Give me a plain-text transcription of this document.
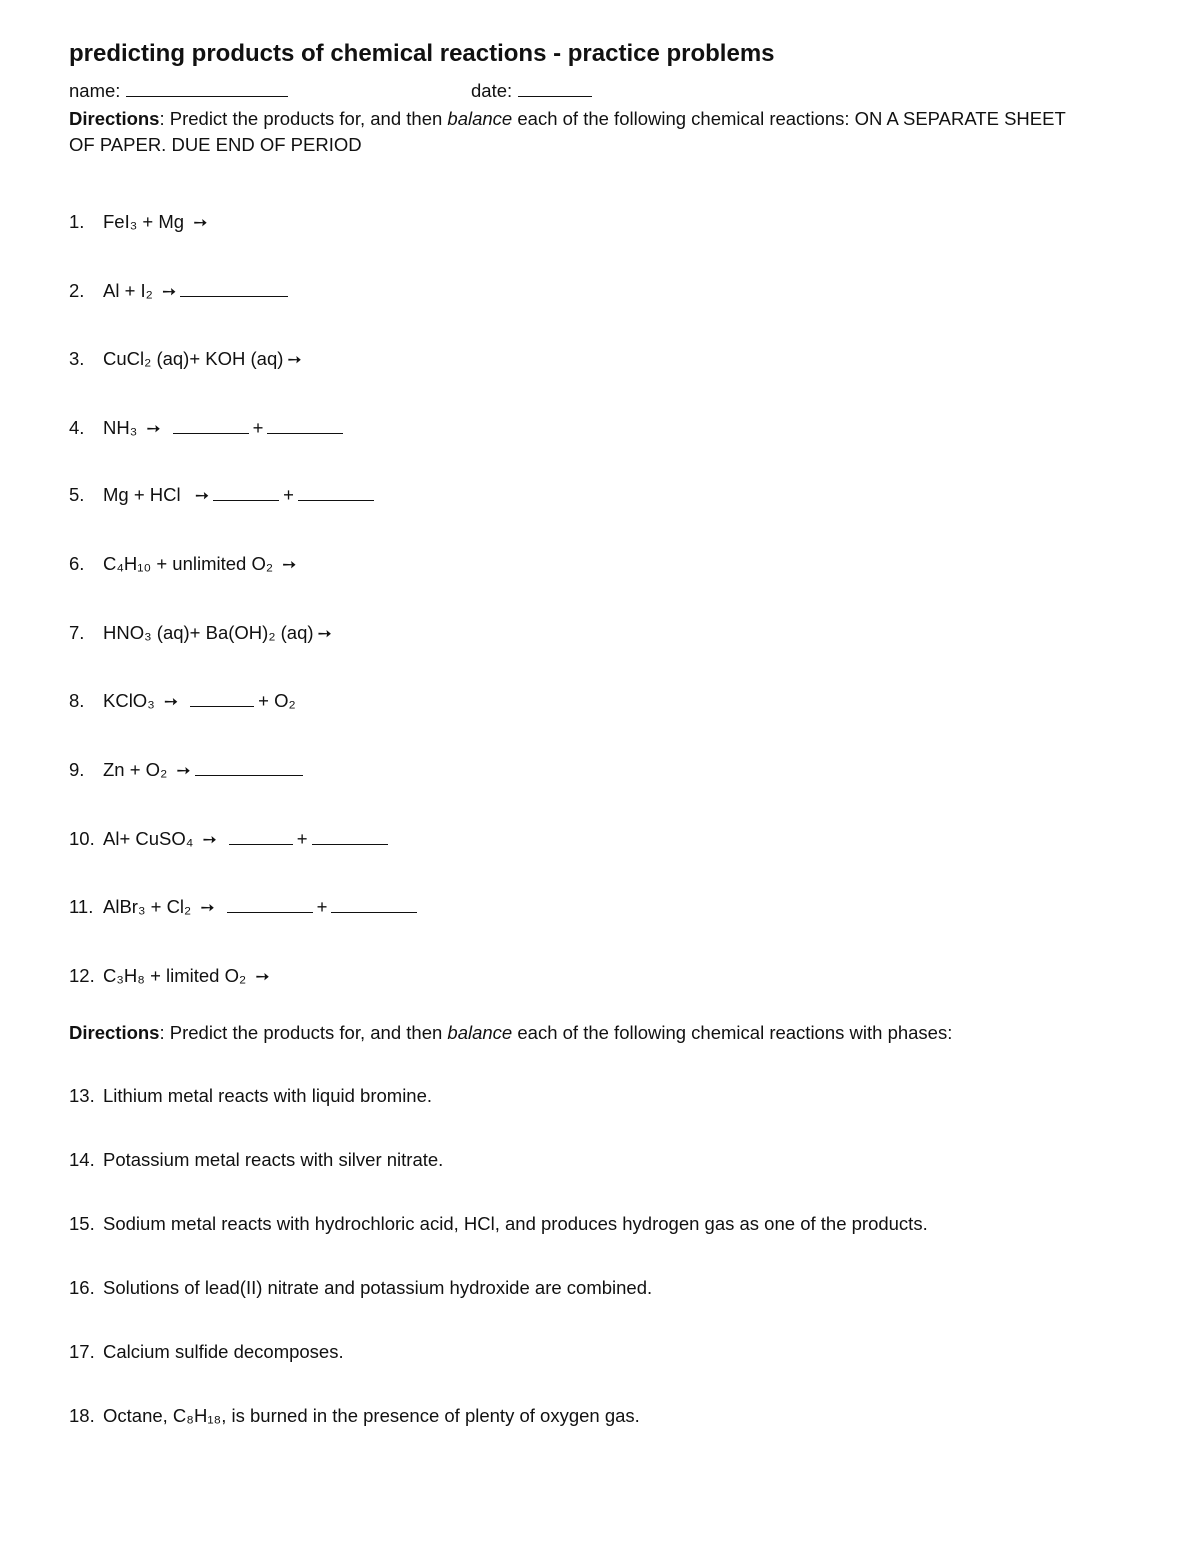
predicting products of chemical reactions - practice problems
name:	date:
Directions: Predict the products for, and then balance each of the following chemical reactions: ON A SEPARATE SHEET OF PAPER. DUE END OF PERIOD
1. FeI₃ + Mg ➙
2. Al + I₂ ➙
3. CuCl₂ (aq)+ KOH (aq) ➙
4. NH₃ ➙	+
5. Mg + HCl ➙	+
6. C₄H₁₀ + unlimited O₂ ➙
7. HNO₃ (aq)+ Ba(OH)₂ (aq) ➙
8. KClO₃ ➙	+ O₂
9. Zn + O₂ ➙
10. Al+ CuSO₄ ➙	+
11. AlBr₃ + Cl₂ ➙	+
12. C₃H₈ + limited O₂ ➙
Directions: Predict the products for, and then balance each of the following chemical reactions with phases:
13. Lithium metal reacts with liquid bromine.
14. Potassium metal reacts with silver nitrate.
15. Sodium metal reacts with hydrochloric acid, HCl, and produces hydrogen gas as one of the products.
16. Solutions of lead(II) nitrate and potassium hydroxide are combined.
17. Calcium sulfide decomposes.
18. Octane, C₈H₁₈, is burned in the presence of plenty of oxygen gas.
